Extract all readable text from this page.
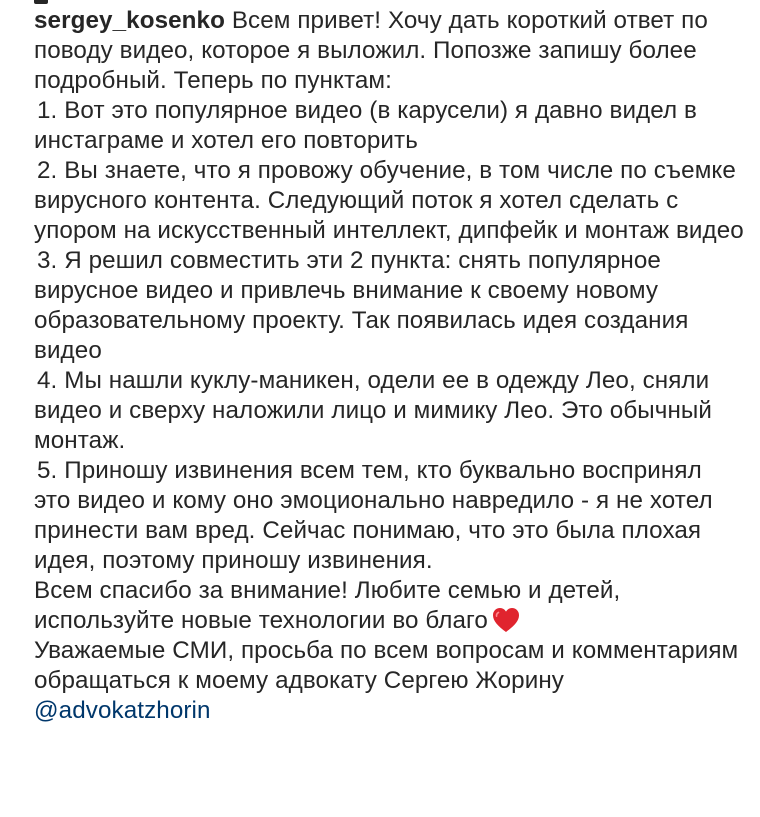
sergey_kosenko Всем привет! Хочу дать короткий ответ по поводу видео, которое я выложил. Попозже запишу более подробный. Теперь по пунктам:

1. Вот это популярное видео (в карусели) я давно видел в инстаграме и хотел его повторить

2. Вы знаете, что я провожу обучение, в том числе по съемке вирусного контента. Следующий поток я хотел сделать с упором на искусственный интеллект, дипфейк и монтаж видео

3. Я решил совместить эти 2 пункта: снять популярное вирусное видео и привлечь внимание к своему новому образовательному проекту. Так появилась идея создания видео

4. Мы нашли куклу-маникен, одели ее в одежду Лео, сняли видео и сверху наложили лицо и мимику Лео. Это обычный монтаж.

5. Приношу извинения всем тем, кто буквально воспринял это видео и кому оно эмоционально навредило - я не хотел принести вам вред. Сейчас понимаю, что это была плохая идея, поэтому приношу извинения.

Всем спасибо за внимание! Любите семью и детей, используйте новые технологии во благо

Уважаемые СМИ, просьба по всем вопросам и комментариям обращаться к моему адвокату Сергею Жорину @advokatzhorin
